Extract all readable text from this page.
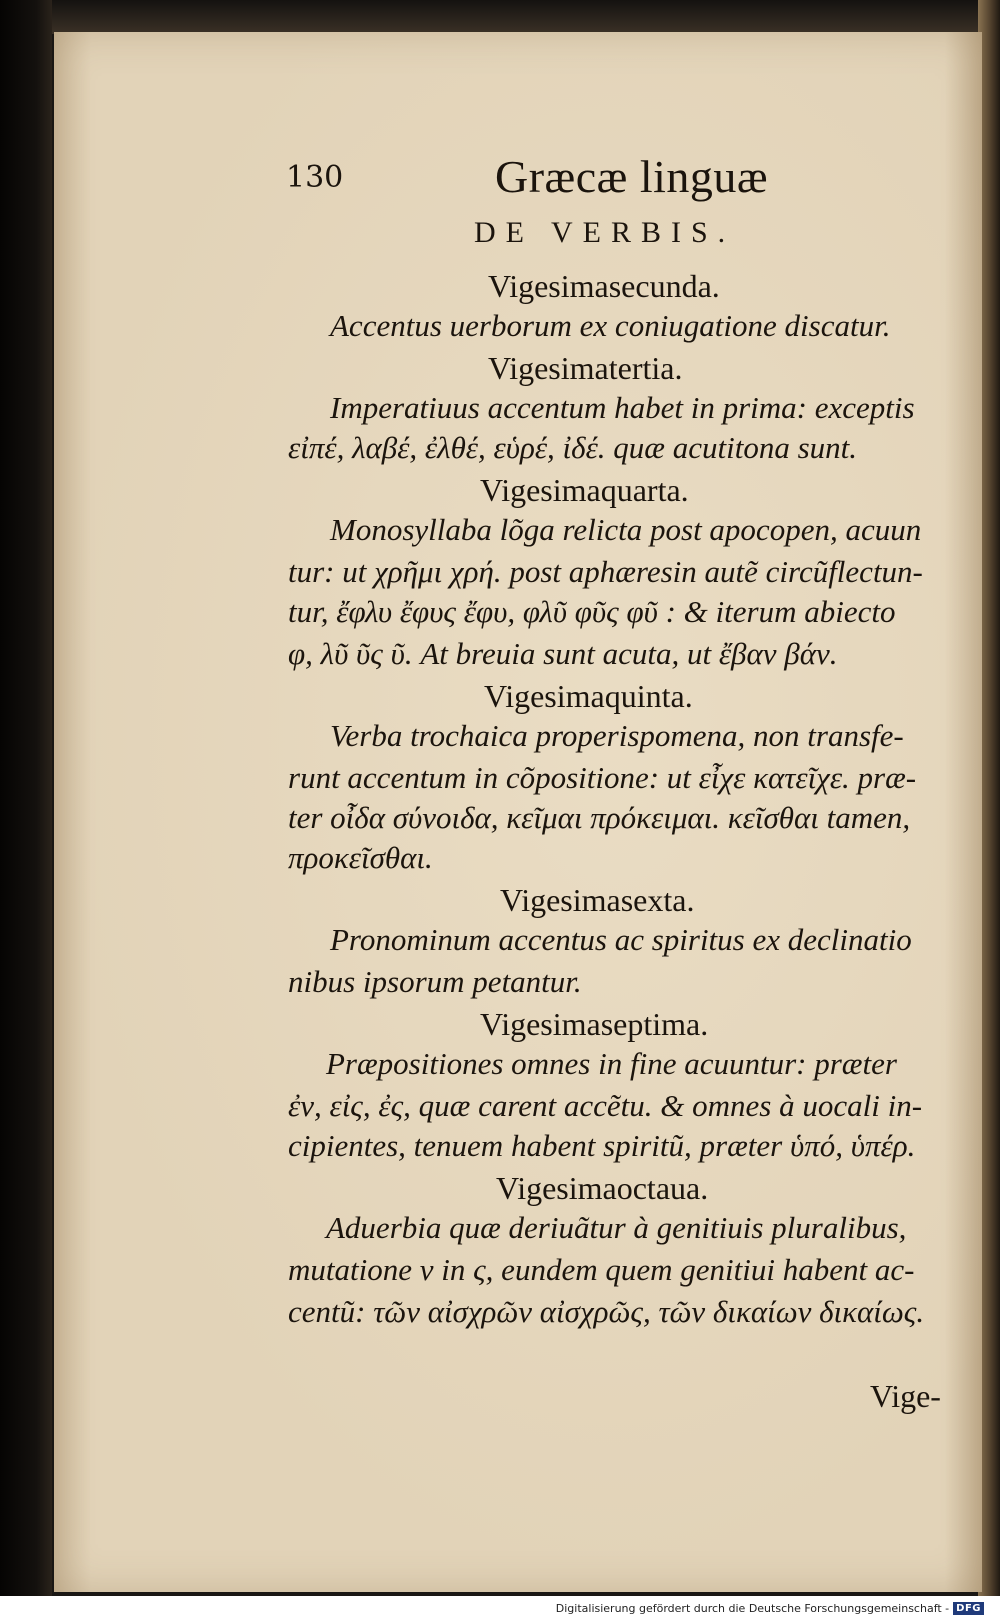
130	Græcæ linguæ
DE VERBIS.
Vigesimasecunda.
Accentus uerborum ex coniugatione discatur.
Vigesimatertia.
Imperatiuus accentum habet in prima: exceptis
εἰπέ, λαβέ, ἐλθέ, εὑρέ, ἰδέ. quæ acutitona sunt.
Vigesimaquarta.
Monosyllaba lõga relicta post apocopen, acuun
tur: ut χρῆμι χρή. post aphæresin autẽ circũflectun-
tur, ἔφλυ ἔφυς ἔφυ, φλῦ φῦς φῦ : & iterum abiecto
φ, λῦ ῦς ῦ. At breuia sunt acuta, ut ἔβαν βάν.
Vigesimaquinta.
Verba trochaica properispomena, non transfe-
runt accentum in cõpositione: ut εἶχε κατεῖχε. præ-
ter οἶδα σύνοιδα, κεῖμαι πρόκειμαι. κεῖσθαι tamen,
προκεῖσθαι.
Vigesimasexta.
Pronominum accentus ac spiritus ex declinatio
nibus ipsorum petantur.
Vigesimaseptima.
Præpositiones omnes in fine acuuntur: præter
ἐν, εἰς, ἐς, quæ carent accẽtu. & omnes à uocali in-
cipientes, tenuem habent spiritũ, præter ὑπό, ὑπέρ.
Vigesimaoctaua.
Aduerbia quæ deriuãtur à genitiuis pluralibus,
mutatione ν in ς, eundem quem genitiui habent ac-
centũ: τῶν αἰσχρῶν αἰσχρῶς, τῶν δικαίων δικαίως.
Vige-
Digitalisierung gefördert durch die Deutsche Forschungsgemeinschaft - DFG
